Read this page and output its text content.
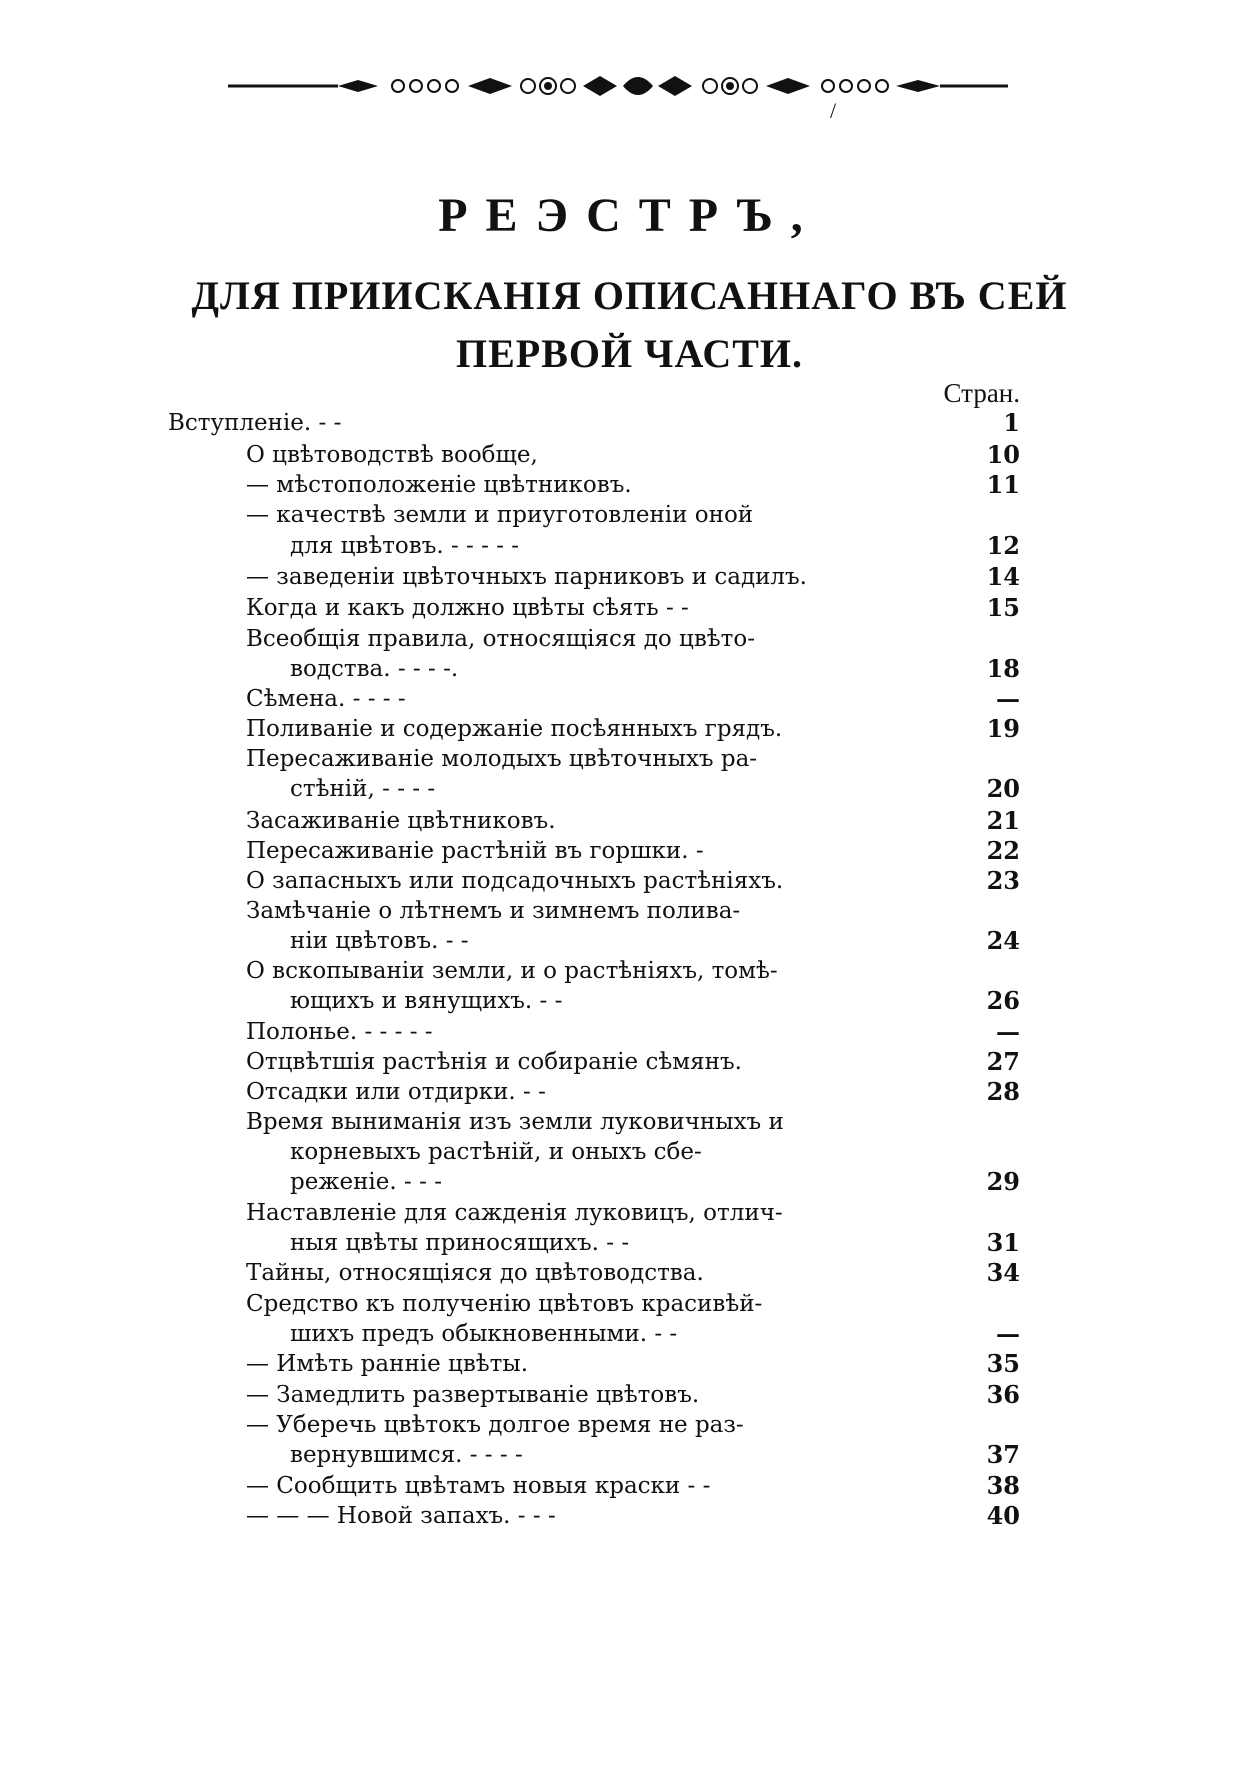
/
РЕЭСТРЪ,
ДЛЯ ПРИИСКАНIЯ ОПИСАННАГО ВЪ СЕЙ
ПЕРВОЙ ЧАСТИ.
Стран.
Вступленiе. - -	1
О цвѣтоводствѣ вообще,	10
— мѣстоположенiе цвѣтниковъ.	11
— качествѣ земли и приуготовленiи оной
для цвѣтовъ. - - - - -	12
— заведенiи цвѣточныхъ парниковъ и садилъ.	14
Когда и какъ должно цвѣты сѣять - -	15
Всеобщiя правила, относящiяся до цвѣто-
водства. - - - -.	18
Сѣмена. - - - -	—
Поливанiе и содержанiе посѣянныхъ грядъ.	19
Пересаживанiе молодыхъ цвѣточныхъ ра-
стѣнiй, - - - -	20
Засаживанiе цвѣтниковъ.	21
Пересаживанiе растѣнiй въ горшки. -	22
О запасныхъ или подсадочныхъ растѣнiяхъ.	23
Замѣчанiе о лѣтнемъ и зимнемъ полива-
нiи цвѣтовъ. - -	24
О вскопыванiи земли, и о растѣнiяхъ, томѣ-
ющихъ и вянущихъ. - -	26
Полонье. - - - - -	—
Отцвѣтшiя растѣнiя и собиранiе сѣмянъ.	27
Отсадки или отдирки. - -	28
Время выниманiя изъ земли луковичныхъ и
корневыхъ растѣнiй, и оныхъ сбе-
реженiе. - - -	29
Наставленiе для сажденiя луковицъ, отлич-
ныя цвѣты приносящихъ. - -	31
Тайны, относящiяся до цвѣтоводства.	34
Средство къ полученiю цвѣтовъ красивѣй-
шихъ предъ обыкновенными. - -	—
— Имѣть раннiе цвѣты.	35
— Замедлить развертыванiе цвѣтовъ.	36
— Уберечь цвѣтокъ долгое время не раз-
вернувшимся. - - - -	37
— Сообщить цвѣтамъ новыя краски - -	38
— — — Новой запахъ. - - -	40
